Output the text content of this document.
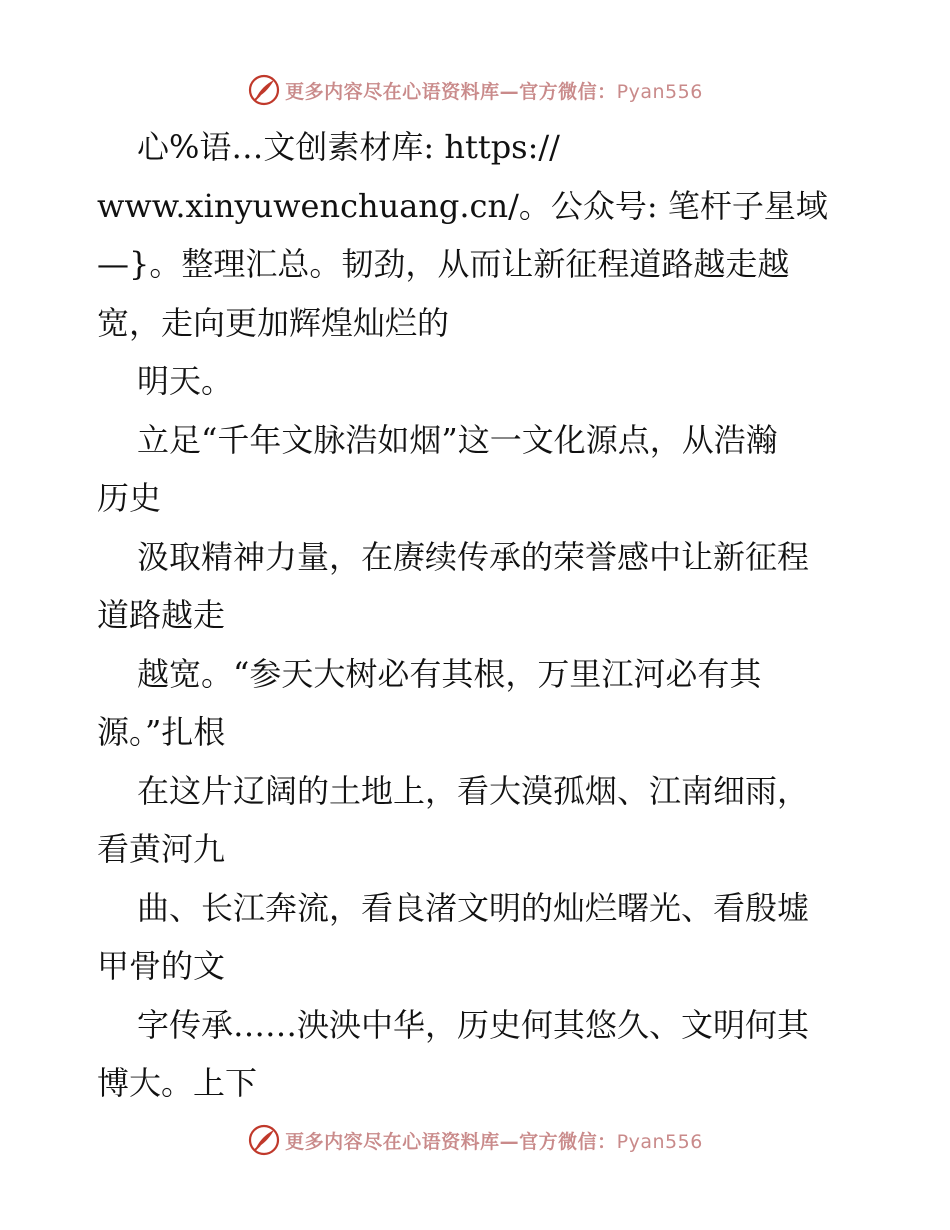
更多内容尽在心语资料库—官方微信：Pyan556

心%语…文创素材库: https://

www.xinyuwenchuang.cn/。公众号: 笔杆子星域

—}。整理汇总。韧劲，从而让新征程道路越走越

宽，走向更加辉煌灿烂的

明天。

立足“千年文脉浩如烟”这一文化源点，从浩瀚

历史

汲取精神力量，在赓续传承的荣誉感中让新征程

道路越走

越宽。“参天大树必有其根，万里江河必有其

源。”扎根

在这片辽阔的土地上，看大漠孤烟、江南细雨，

看黄河九

曲、长江奔流，看良渚文明的灿烂曙光、看殷墟

甲骨的文

字传承……泱泱中华，历史何其悠久、文明何其

博大。上下

更多内容尽在心语资料库—官方微信：Pyan556
